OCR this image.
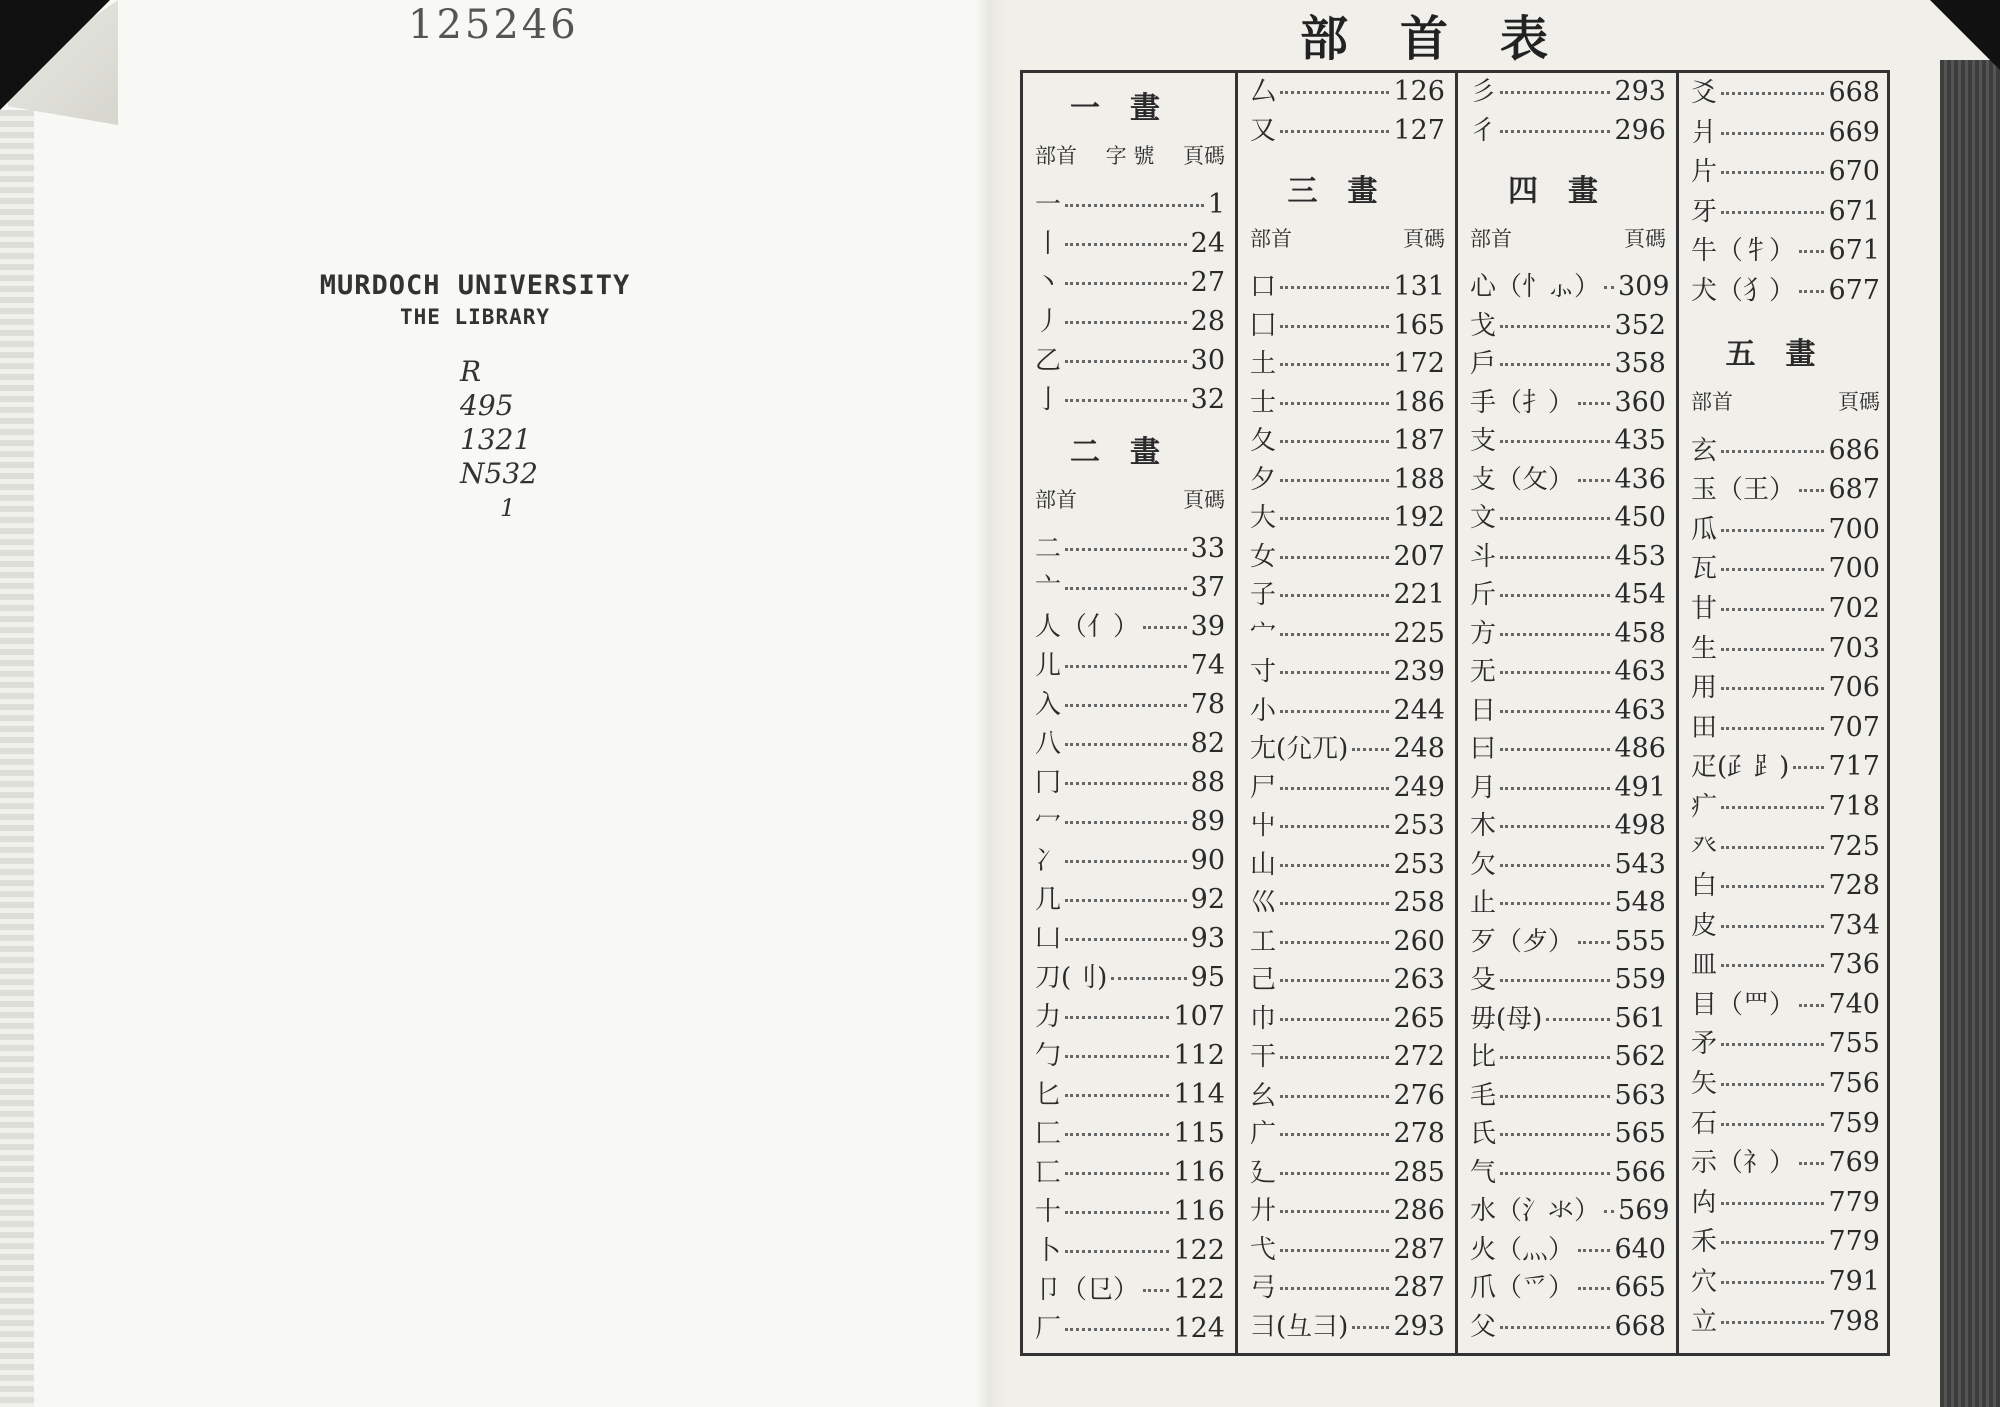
125246
MURDOCH UNIVERSITY
THE LIBRARY
R
495
1321
N532
1
部首表
一畫
部首 字 號 頁碼
一	1
丨	24
丶	27
丿	28
乙	30
亅	32
二畫
部首	頁碼
二	33
亠	37
人（亻） 39
儿	74
入	78
八	82
冂	88
冖	89
冫	90
几	92
凵	93
刀(刂)	95
力	107
勹	112
匕	114
匚	115
匸	116
十	116
卜	122
卩（㔾） 122
厂	124
厶	126
又	127
三畫
部首	頁碼
口	131
囗	165
土	172
士	186
夂	187
夕	188
大	192
女	207
子	221
宀	225
寸	239
小	244
尢(尣兀) 248
尸	249
屮	253
山	253
巛	258
工	260
己	263
巾	265
干	272
幺	276
广	278
廴	285
廾	286
弋	287
弓	287
彐(彑⺕) 293
彡	293
彳	296
四畫
部首	頁碼
心（忄⺗） 309
戈	352
戶	358
手（扌） 360
支	435
攴（攵） 436
文	450
斗	453
斤	454
方	458
无	463
日	463
曰	486
月	491
木	498
欠	543
止	548
歹（歺） 555
殳	559
毋(母)	561
比	562
毛	563
氏	565
气	566
水（氵氺） 569
火（灬） 640
爪（爫） 665
父	668
爻	668
爿	669
片	670
牙	671
牛（牜） 671
犬（犭） 677
五畫
部首	頁碼
玄	686
玉（王） 687
瓜	700
瓦	700
甘	702
生	703
用	706
田	707
疋(⺪⻊) 717
疒	718
癶	725
白	728
皮	734
皿	736
目（罒） 740
矛	755
矢	756
石	759
示（礻） 769
禸	779
禾	779
穴	791
立	798
